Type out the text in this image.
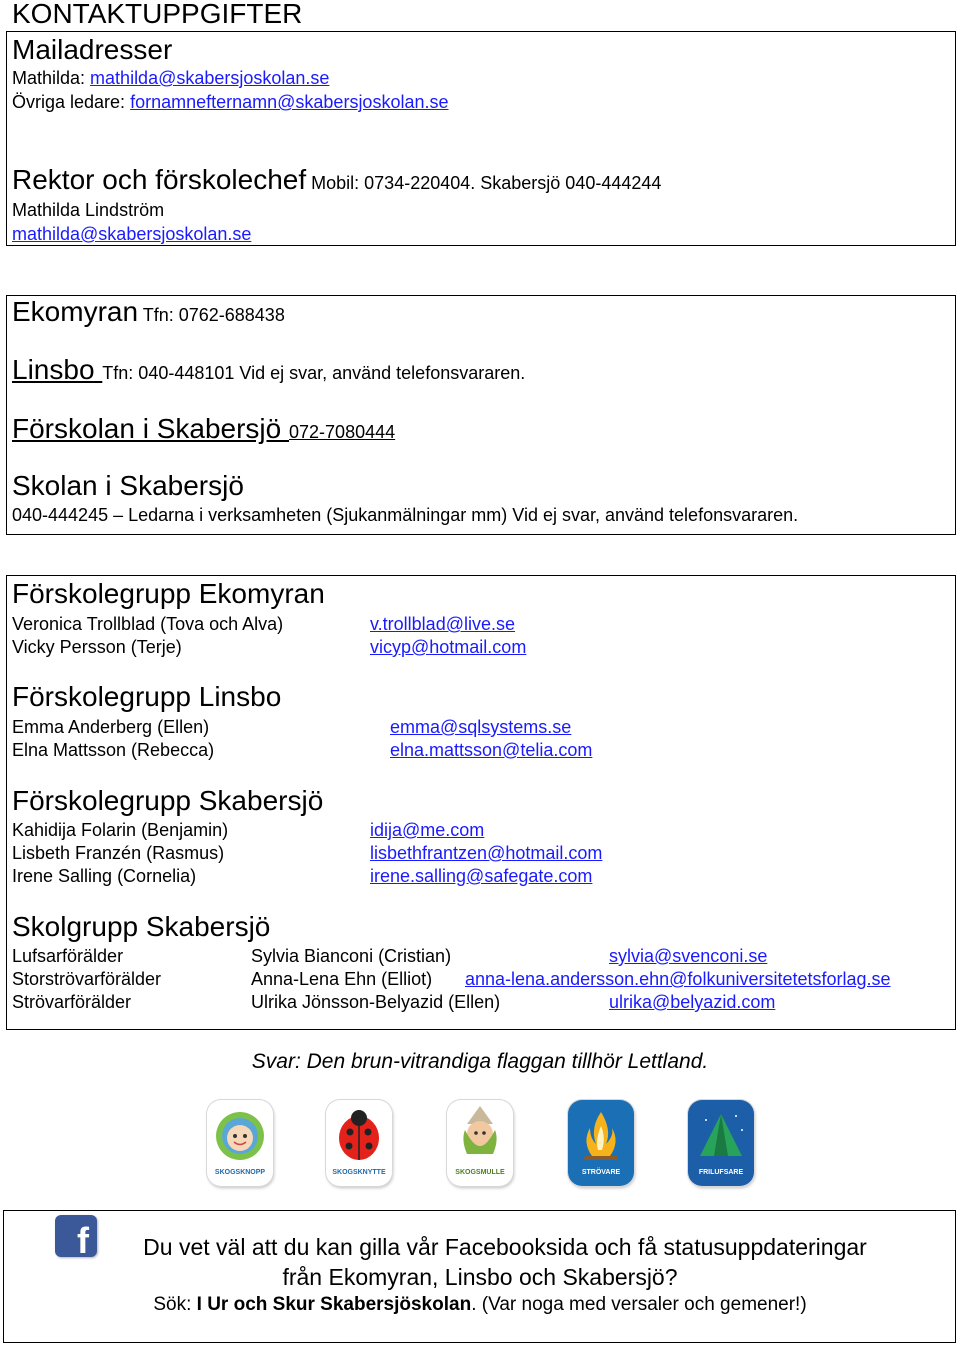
KONTAKTUPPGIFTER
Mailadresser
Mathilda: mathilda@skabersjoskolan.se
Övriga ledare: fornamnefternamn@skabersjoskolan.se
Rektor och förskolechef Mobil: 0734-220404. Skabersjö 040-444244
Mathilda Lindström
mathilda@skabersjoskolan.se
Ekomyran Tfn: 0762-688438
Linsbo Tfn: 040-448101 Vid ej svar, använd telefonsvararen.
Förskolan i Skabersjö 072-7080444
Skolan i Skabersjö
040-444245 – Ledarna i verksamheten (Sjukanmälningar mm) Vid ej svar, använd telefonsvararen.
Förskolegrupp Ekomyran
Veronica Trollblad (Tova och Alva)	v.trollblad@live.se
Vicky Persson (Terje)	vicyp@hotmail.com
Förskolegrupp Linsbo
Emma Anderberg (Ellen)	emma@sqlsystems.se
Elna Mattsson (Rebecca)	elna.mattsson@telia.com
Förskolegrupp Skabersjö
Kahidija Folarin (Benjamin)	idija@me.com
Lisbeth Franzén (Rasmus)	lisbethfrantzen@hotmail.com
Irene Salling (Cornelia)	irene.salling@safegate.com
Skolgrupp Skabersjö
Lufsarförälder	Sylvia Bianconi (Cristian)	sylvia@svenconi.se
Storströvarförälder	Anna-Lena Ehn (Elliot) anna-lena.andersson.ehn@folkuniversitetetsforlag.se
Strövarförälder	Ulrika Jönsson-Belyazid (Ellen)	ulrika@belyazid.com
Svar: Den brun-vitrandiga flaggan tillhör Lettland.
SKOGSKNOPP	SKOGSKNYTTE	SKOGSMULLE	STRÖVARE	FRILUFSARE
f	Du vet väl att du kan gilla vår Facebooksida och få statusuppdateringar
från Ekomyran, Linsbo och Skabersjö?
Sök: I Ur och Skur Skabersjöskolan. (Var noga med versaler och gemener!)
